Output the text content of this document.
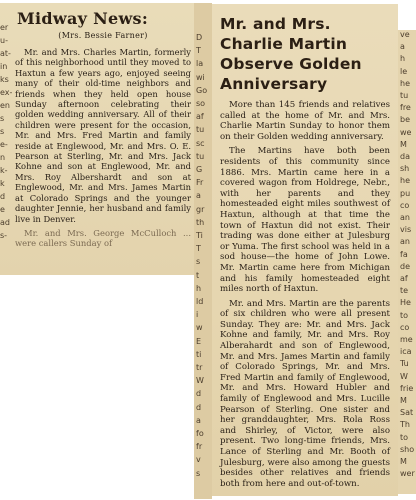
er
u-
at-
in
ks
ex-
en
s
s
e-
n
k-
k
d
e
ad
s-
Midway News:
(Mrs. Bessie Farner)

Mr. and Mrs. Charles Martin, formerly of this neighborhood until they moved to Haxtun a few years ago, enjoyed seeing many of their old-time neighbors and friends when they held open house Sunday afternoon celebrating their golden wedding anniversary. All of their children were present for the occasion, Mr. and Mrs. Fred Martin and family reside at Englewood, Mr. and Mrs. O. E. Pearson at Sterling, Mr. and Mrs. Jack Kohne and son at Englewood, Mr. and Mrs. Roy Albershardt and son at Englewood, Mr. and Mrs. James Martin at Colorado Springs and the younger daughter Jennie, her husband and family live in Denver.

Mr. and Mrs. George McCulloch ... were callers Sunday of

D
T
la
wi
Go
so
af
tu
sc
tu
G
Fr
a
gr
th
Ti
T
s
t
h
ld
i
w
E
ti
tr
W
d
d
a
fo
fr
v
s
Mr. and Mrs. Charlie Martin Observe Golden Anniversary

More than 145 friends and relatives called at the home of Mr. and Mrs. Charlie Martin Sunday to honor them on their Golden wedding anniversary.

The Martins have both been residents of this community since 1886. Mrs. Martin came here in a covered wagon from Holdrege, Nebr., with her parents and they homesteaded eight miles southwest of Haxtun, although at that time the town of Haxtun did not exist. Their trading was done either at Julesburg or Yuma. The first school was held in a sod house—the home of John Lowe. Mr. Martin came here from Michigan and his family homesteaded eight miles north of Haxtun.

Mr. and Mrs. Martin are the parents of six children who were all present Sunday. They are: Mr. and Mrs. Jack Kohne and family, Mr. and Mrs. Roy Alberahardt and son of Englewood, Mr. and Mrs. James Martin and family of Colorado Springs, Mr. and Mrs. Fred Martin and family of Englewood, Mr. and Mrs. Howard Hubler and family of Englewood and Mrs. Lucille Pearson of Sterling. One sister and her granddaughter, Mrs. Rola Ross and Shirley, of Victor, were also present. Two long-time friends, Mrs. Lance of Sterling and Mr. Booth of Julesburg, were also among the guests besides other relatives and friends both from here and out-of-town.

ve
a
h
le
he
tu
fre
be
we
M
da
sh
he
pu
co
an
vis
an
fa
de
af
te
He
to
co
me
ica
Tu
W
frie
M
Sat
Th
to
sho
M
wer
